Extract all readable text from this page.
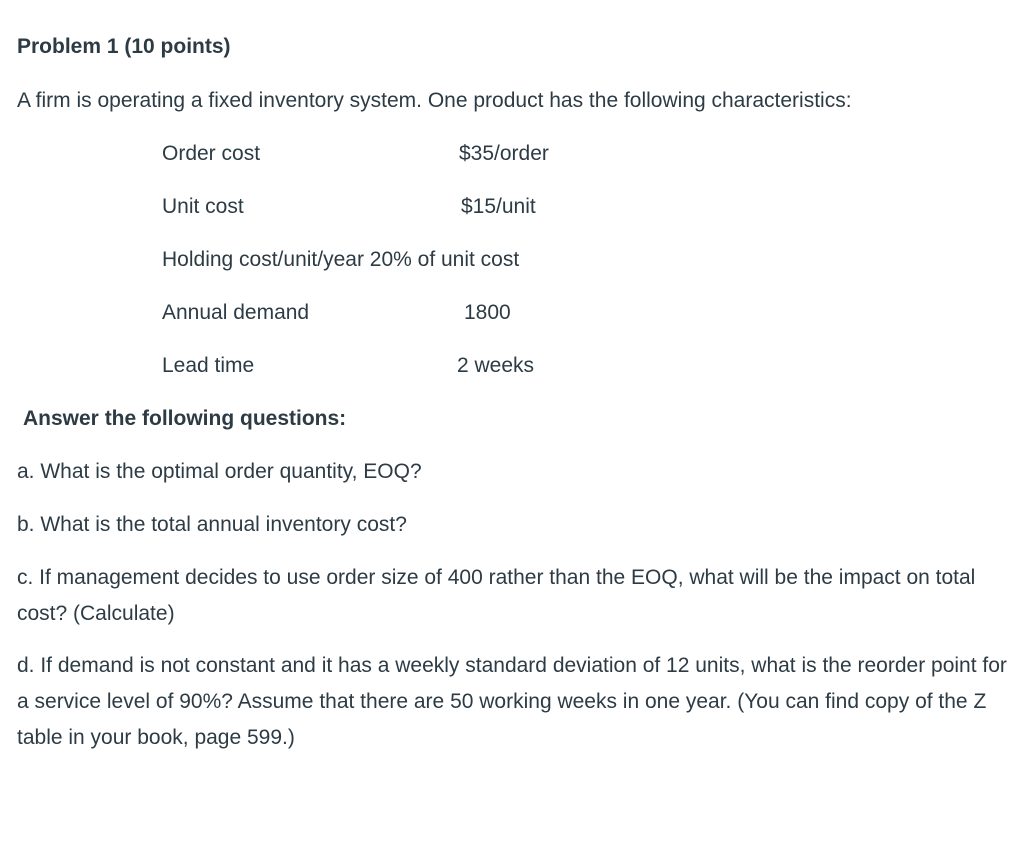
Problem 1 (10 points)
A firm is operating a fixed inventory system. One product has the following characteristics:
Order cost	$35/order
Unit cost	$15/unit
Holding cost/unit/year 20% of unit cost
Annual demand	1800
Lead time	2 weeks
Answer the following questions:
a. What is the optimal order quantity, EOQ?
b. What is the total annual inventory cost?
c. If management decides to use order size of 400 rather than the EOQ, what will be the impact on total cost? (Calculate)
d. If demand is not constant and it has a weekly standard deviation of 12 units, what is the reorder point for a service level of 90%? Assume that there are 50 working weeks in one year. (You can find copy of the Z table in your book, page 599.)
